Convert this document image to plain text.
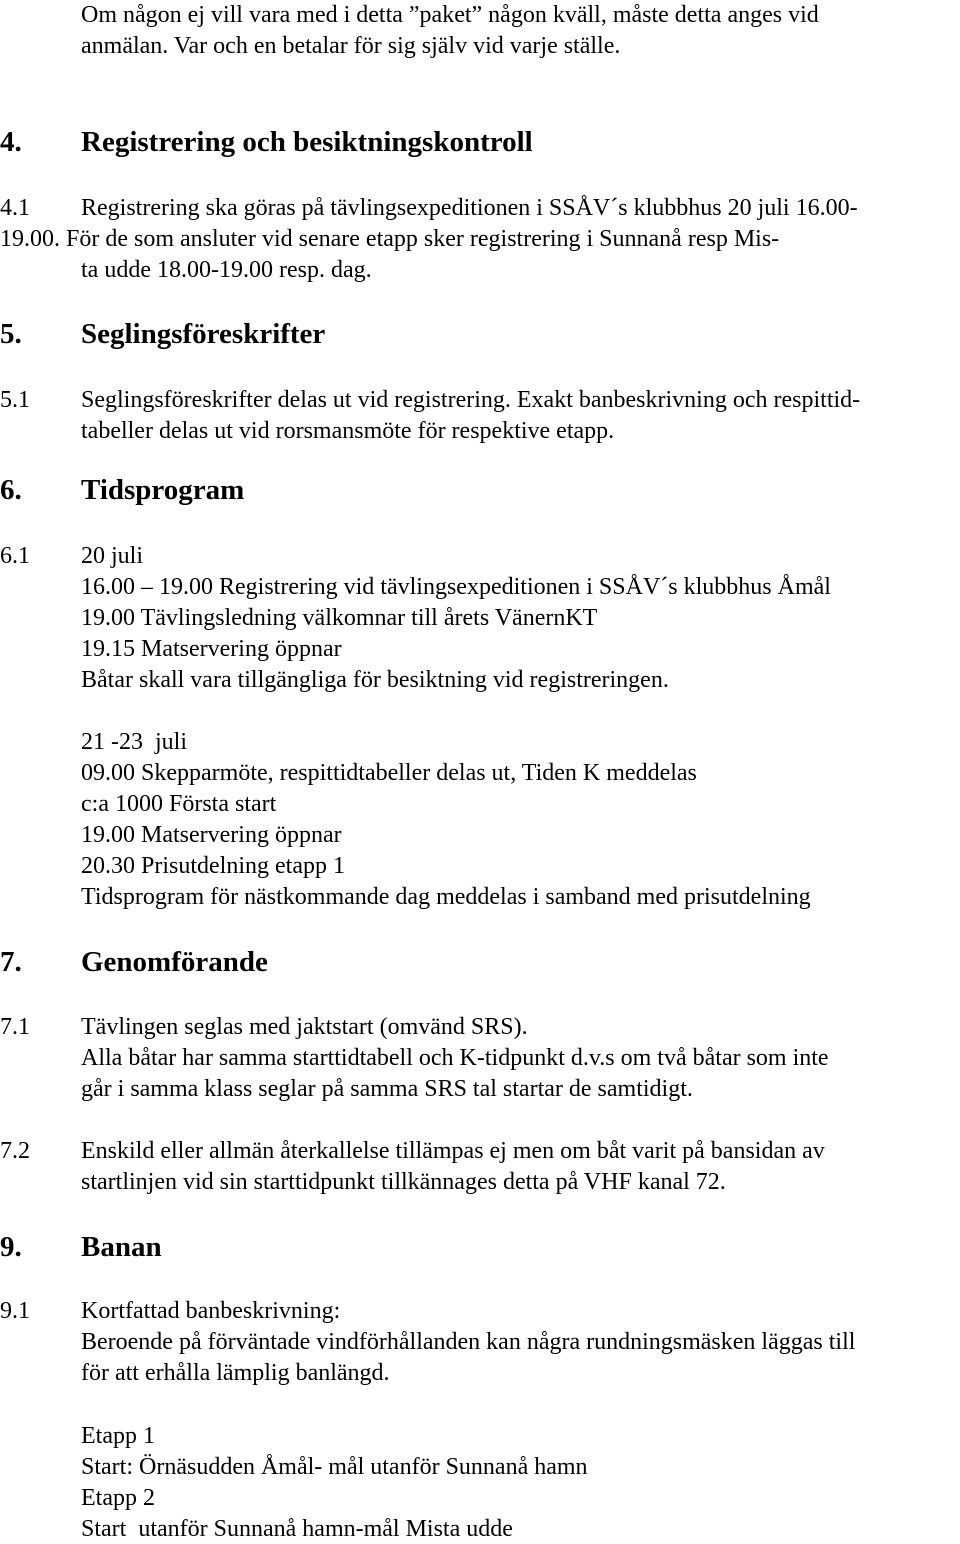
Om någon ej vill vara med i detta ”paket” någon kväll, måste detta anges vid
anmälan. Var och en betalar för sig själv vid varje ställe.
4. Registrering och besiktningskontroll
4.1 Registrering ska göras på tävlingsexpeditionen i SSÅV´s klubbhus 20 juli 16.00-
19.00. För de som ansluter vid senare etapp sker registrering i Sunnanå resp Mis-
ta udde 18.00-19.00 resp. dag.
5. Seglingsföreskrifter
5.1 Seglingsföreskrifter delas ut vid registrering. Exakt banbeskrivning och respittid-
tabeller delas ut vid rorsmansmöte för respektive etapp.
6. Tidsprogram
6.1 20 juli
16.00 – 19.00 Registrering vid tävlingsexpeditionen i SSÅV´s klubbhus Åmål
19.00 Tävlingsledning välkomnar till årets VänernKT
19.15 Matservering öppnar
Båtar skall vara tillgängliga för besiktning vid registreringen.
21 -23  juli
09.00 Skepparmöte, respittidtabeller delas ut, Tiden K meddelas
c:a 1000 Första start
19.00 Matservering öppnar
20.30 Prisutdelning etapp 1
Tidsprogram för nästkommande dag meddelas i samband med prisutdelning
7. Genomförande
7.1 Tävlingen seglas med jaktstart (omvänd SRS).
Alla båtar har samma starttidtabell och K-tidpunkt d.v.s om två båtar som inte
går i samma klass seglar på samma SRS tal startar de samtidigt.
7.2 Enskild eller allmän återkallelse tillämpas ej men om båt varit på bansidan av
startlinjen vid sin starttidpunkt tillkännages detta på VHF kanal 72.
9. Banan
9.1 Kortfattad banbeskrivning:
Beroende på förväntade vindförhållanden kan några rundningsmäsken läggas till
för att erhålla lämplig banlängd.
Etapp 1
Start: Örnäsudden Åmål- mål utanför Sunnanå hamn
Etapp 2
Start  utanför Sunnanå hamn-mål Mista udde
